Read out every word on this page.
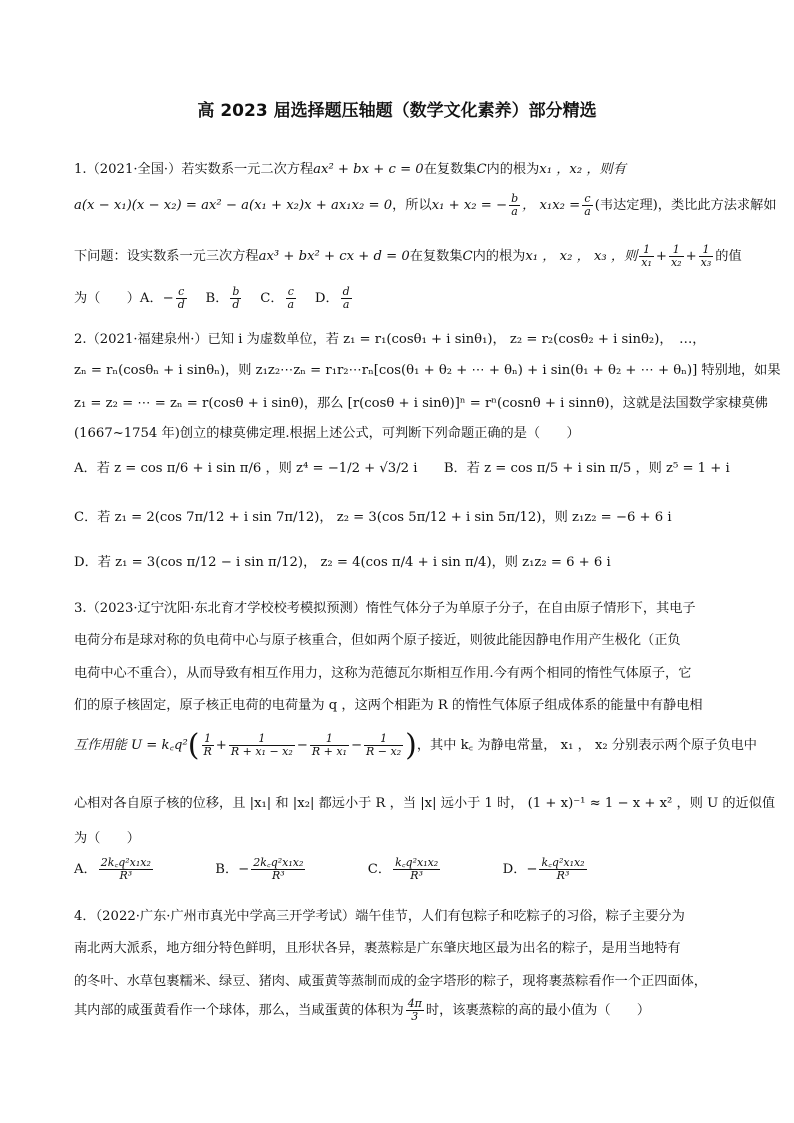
高 2023 届选择题压轴题（数学文化素养）部分精选
1.（2021·全国·）若实数系一元二次方程ax² + bx + c = 0在复数集C内的根为x₁ ，x₂ ，则有
a(x − x₁)(x − x₂) = ax² − a(x₁ + x₂)x + ax₁x₂ = 0，所以x₁ + x₂ = − $\frac{b}{a}$ ， $x_1x_2 = \frac{c}{a}$ (韦达定理)，类比此方法求解如
下问题：设实数系一元三次方程ax³ + bx² + cx + d = 0在复数集C内的根为x₁ ， x₂ ， x₃ ，则 $\frac{1}{\text{x₁}} + \frac{1}{\text{x₂}} + \frac{1}{\text{x₃}}$ 的值
为（　　）A．− $\frac{c}{d}$ B． $\frac{b}{d}$ C． $\frac{c}{a}$ D． $\frac{d}{a}$
2.（2021·福建泉州·）已知 i 为虚数单位，若 z₁ = r₁(cosθ₁ + i sinθ₁)， z₂ = r₂(cosθ₂ + i sinθ₂)，　…，
zₙ = rₙ(cosθₙ + i sinθₙ)，则 z₁z₂⋯zₙ = r₁r₂⋯rₙ[cos(θ₁ + θ₂ + ⋯ + θₙ) + i sin(θ₁ + θ₂ + ⋯ + θₙ)] 特别地，如果
z₁ = z₂ = ⋯ = zₙ = r(cosθ + i sinθ)，那么 [r(cosθ + i sinθ)]ⁿ = rⁿ(cosnθ + i sinnθ)，这就是法国数学家棣莫佛
(1667~1754 年)创立的棣莫佛定理.根据上述公式，可判断下列命题正确的是（　　）
A．若 z = cos π/6 + i sin π/6 ，则 z⁴ = −1/2 + √3/2 i　　B．若 z = cos π/5 + i sin π/5 ，则 z⁵ = 1 + i
C．若 z₁ = 2(cos 7π/12 + i sin 7π/12)， z₂ = 3(cos 5π/12 + i sin 5π/12)，则 z₁z₂ = −6 + 6 i
D．若 z₁ = 3(cos π/12 − i sin π/12)， z₂ = 4(cos π/4 + i sin π/4)，则 z₁z₂ = 6 + 6 i
3.（2023·辽宁沈阳·东北育才学校校考模拟预测）惰性气体分子为单原子分子，在自由原子情形下，其电子
电荷分布是球对称的负电荷中心与原子核重合，但如两个原子接近，则彼此能因静电作用产生极化（正负
电荷中心不重合），从而导致有相互作用力，这称为范德瓦尔斯相互作用.今有两个相同的惰性气体原子，它
们的原子核固定，原子核正电荷的电荷量为 q ，这两个相距为 R 的惰性气体原子组成体系的能量中有静电相
互作用能 U = k꜀q²( $\frac{1}{R} + \frac{1}{\text{R + x₁ − x₂}} - \frac{1}{\text{R + x₁}} - \frac{1}{\text{R − x₂}}$ )，其中 k꜀ 为静电常量， x₁ ， x₂ 分别表示两个原子负电中
心相对各自原子核的位移，且 |x₁| 和 |x₂| 都远小于 R ，当 |x| 远小于 1 时， (1 + x)⁻¹ ≈ 1 − x + x² ，则 U 的近似值
为（　　）
A． $\frac{\text{2k꜀q²x₁x₂}}{\text{R³}}$	B．− $\frac{\text{2k꜀q²x₁x₂}}{\text{R³}}$	C． $\frac{\text{k꜀q²x₁x₂}}{\text{R³}}$	D．− $\frac{\text{k꜀q²x₁x₂}}{\text{R³}}$
4．（2022·广东·广州市真光中学高三开学考试）端午佳节，人们有包粽子和吃粽子的习俗，粽子主要分为
南北两大派系，地方细分特色鲜明，且形状各异，裹蒸粽是广东肇庆地区最为出名的粽子，是用当地特有
的冬叶、水草包裹糯米、绿豆、猪肉、咸蛋黄等蒸制而成的金字塔形的粽子，现将裹蒸粽看作一个正四面体，
其内部的咸蛋黄看作一个球体，那么，当咸蛋黄的体积为 $\frac{4\pi}{3}$ 时，该裹蒸粽的高的最小值为（　　）
